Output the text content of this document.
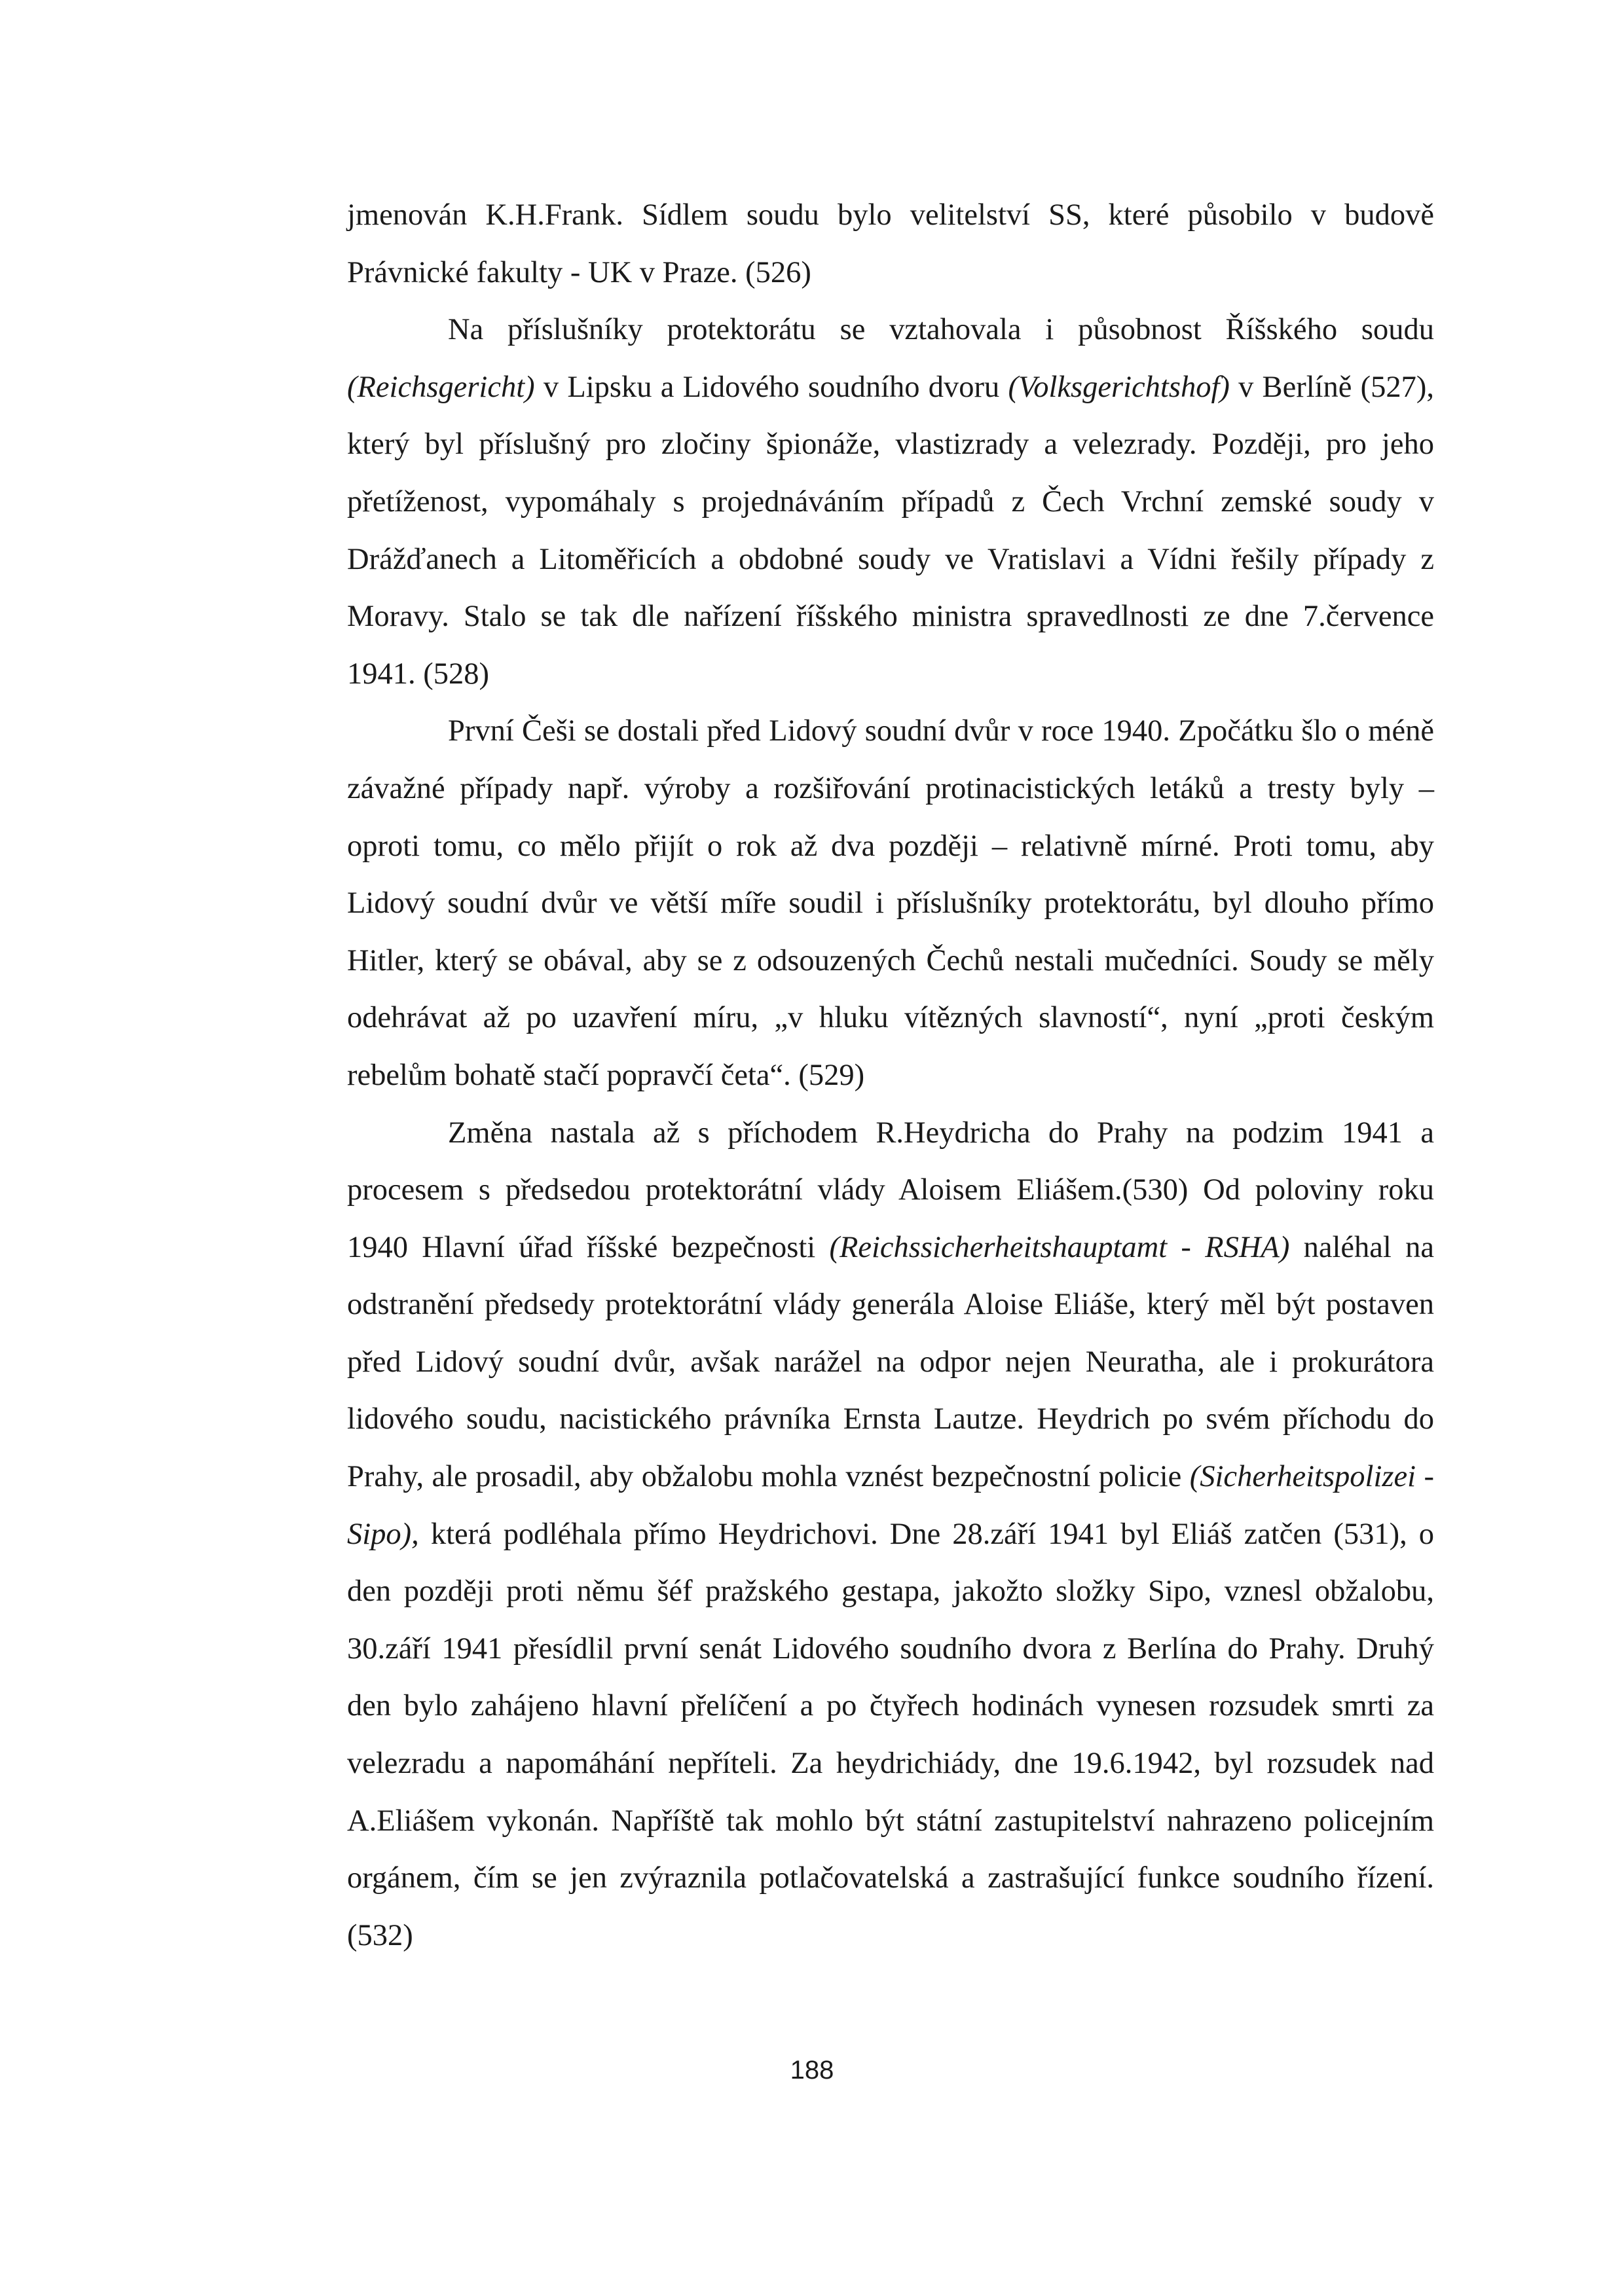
jmenován K.H.Frank. Sídlem soudu bylo velitelství SS, které působilo v budově Právnické fakulty - UK v Praze. (526)

Na příslušníky protektorátu se vztahovala i působnost Říšského soudu (Reichsgericht) v Lipsku a Lidového soudního dvoru (Volksgerichtshof) v Berlíně (527), který byl příslušný pro zločiny špionáže, vlastizrady a velezrady. Později, pro jeho přetíženost, vypomáhaly s projednáváním případů z Čech Vrchní zemské soudy v Drážďanech a Litoměřicích a obdobné soudy ve Vratislavi a Vídni řešily případy z Moravy. Stalo se tak dle nařízení říšského ministra spravedlnosti ze dne 7.července 1941. (528)

První Češi se dostali před Lidový soudní dvůr v roce 1940. Zpočátku šlo o méně závažné případy např. výroby a rozšiřování protinacistických letáků a tresty byly – oproti tomu, co mělo přijít o rok až dva později – relativně mírné. Proti tomu, aby Lidový soudní dvůr ve větší míře soudil i příslušníky protektorátu, byl dlouho přímo Hitler, který se obával, aby se z odsouzených Čechů nestali mučedníci. Soudy se měly odehrávat až po uzavření míru, „v hluku vítězných slavností“, nyní „proti českým rebelům bohatě stačí popravčí četa“. (529)

Změna nastala až s příchodem R.Heydricha do Prahy na podzim 1941 a procesem s předsedou protektorátní vlády Aloisem Eliášem.(530) Od poloviny roku 1940 Hlavní úřad říšské bezpečnosti (Reichssicherheitshauptamt - RSHA) naléhal na odstranění předsedy protektorátní vlády generála Aloise Eliáše, který měl být postaven před Lidový soudní dvůr, avšak narážel na odpor nejen Neuratha, ale i prokurátora lidového soudu, nacistického právníka Ernsta Lautze. Heydrich po svém příchodu do Prahy, ale prosadil, aby obžalobu mohla vznést bezpečnostní policie (Sicherheitspolizei - Sipo), která podléhala přímo Heydrichovi. Dne 28.září 1941 byl Eliáš zatčen (531), o den později proti němu šéf pražského gestapa, jakožto složky Sipo, vznesl obžalobu, 30.září 1941 přesídlil první senát Lidového soudního dvora z Berlína do Prahy. Druhý den bylo zahájeno hlavní přelíčení a po čtyřech hodinách vynesen rozsudek smrti za velezradu a napomáhání nepříteli. Za heydrichiády, dne 19.6.1942, byl rozsudek nad A.Eliášem vykonán. Napříště tak mohlo být státní zastupitelství nahrazeno policejním orgánem, čím se jen zvýraznila potlačovatelská a zastrašující funkce soudního řízení. (532)

188
